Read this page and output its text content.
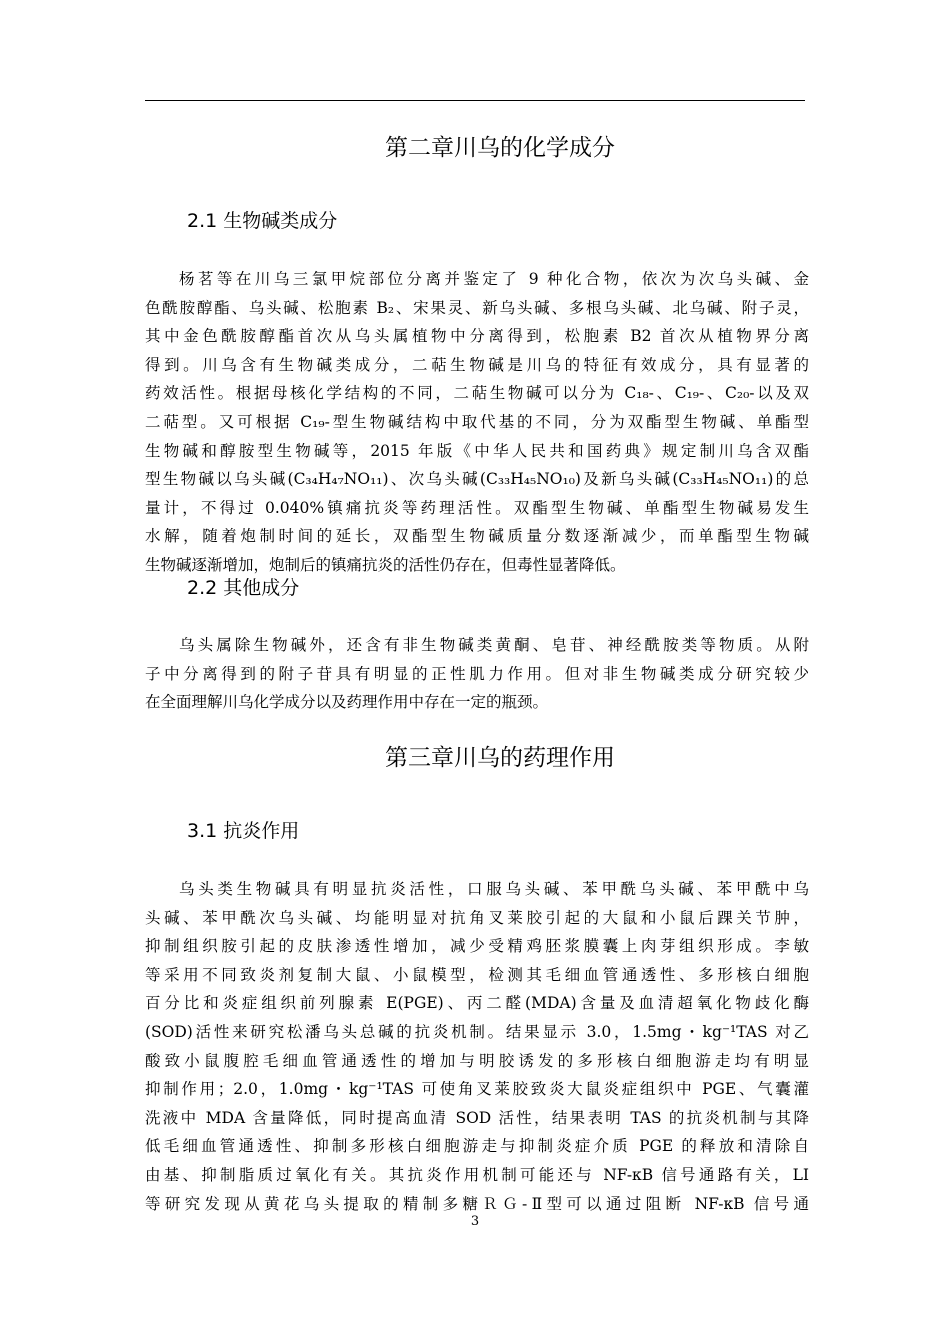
第二章川乌的化学成分
2.1 生物碱类成分
杨茗等在川乌三氯甲烷部位分离并鉴定了 9 种化合物，依次为次乌头碱、金
色酰胺醇酯、乌头碱、松胞素 B₂、宋果灵、新乌头碱、多根乌头碱、北乌碱、附子灵，
其中金色酰胺醇酯首次从乌头属植物中分离得到，松胞素 B2 首次从植物界分离
得到。川乌含有生物碱类成分，二萜生物碱是川乌的特征有效成分，具有显著的
药效活性。根据母核化学结构的不同，二萜生物碱可以分为 C₁₈-、C₁₉-、C₂₀-以及双
二萜型。又可根据 C₁₉-型生物碱结构中取代基的不同，分为双酯型生物碱、单酯型
生物碱和醇胺型生物碱等，2015 年版《中华人民共和国药典》规定制川乌含双酯
型生物碱以乌头碱(C₃₄H₄₇NO₁₁)、次乌头碱(C₃₃H₄₅NO₁₀)及新乌头碱(C₃₃H₄₅NO₁₁)的总
量计，不得过 0.040%镇痛抗炎等药理活性。双酯型生物碱、单酯型生物碱易发生
水解，随着炮制时间的延长，双酯型生物碱质量分数逐渐减少，而单酯型生物碱
生物碱逐渐增加，炮制后的镇痛抗炎的活性仍存在，但毒性显著降低。
2.2 其他成分
乌头属除生物碱外，还含有非生物碱类黄酮、皂苷、神经酰胺类等物质。从附
子中分离得到的附子苷具有明显的正性肌力作用。但对非生物碱类成分研究较少
在全面理解川乌化学成分以及药理作用中存在一定的瓶颈。
第三章川乌的药理作用
3.1 抗炎作用
乌头类生物碱具有明显抗炎活性，口服乌头碱、苯甲酰乌头碱、苯甲酰中乌
头碱、苯甲酰次乌头碱、均能明显对抗角叉莱胶引起的大鼠和小鼠后踝关节肿，
抑制组织胺引起的皮肤渗透性增加，减少受精鸡胚浆膜囊上肉芽组织形成。李敏
等采用不同致炎剂复制大鼠、小鼠模型，检测其毛细血管通透性、多形核白细胞
百分比和炎症组织前列腺素 E(PGE)、丙二醛(MDA)含量及血清超氧化物歧化酶
(SOD)活性来研究松潘乌头总碱的抗炎机制。结果显示 3.0，1.5mg・kg⁻¹TAS 对乙
酸致小鼠腹腔毛细血管通透性的增加与明胶诱发的多形核白细胞游走均有明显
抑制作用；2.0，1.0mg・kg⁻¹TAS 可使角叉莱胶致炎大鼠炎症组织中 PGE、气囊灌
洗液中 MDA 含量降低，同时提高血清 SOD 活性，结果表明 TAS 的抗炎机制与其降
低毛细血管通透性、抑制多形核白细胞游走与抑制炎症介质 PGE 的释放和清除自
由基、抑制脂质过氧化有关。其抗炎作用机制可能还与 NF-κB 信号通路有关，LI
等研究发现从黄花乌头提取的精制多糖ＲＧ-Ⅱ型可以通过阻断 NF-κB 信号通

3
